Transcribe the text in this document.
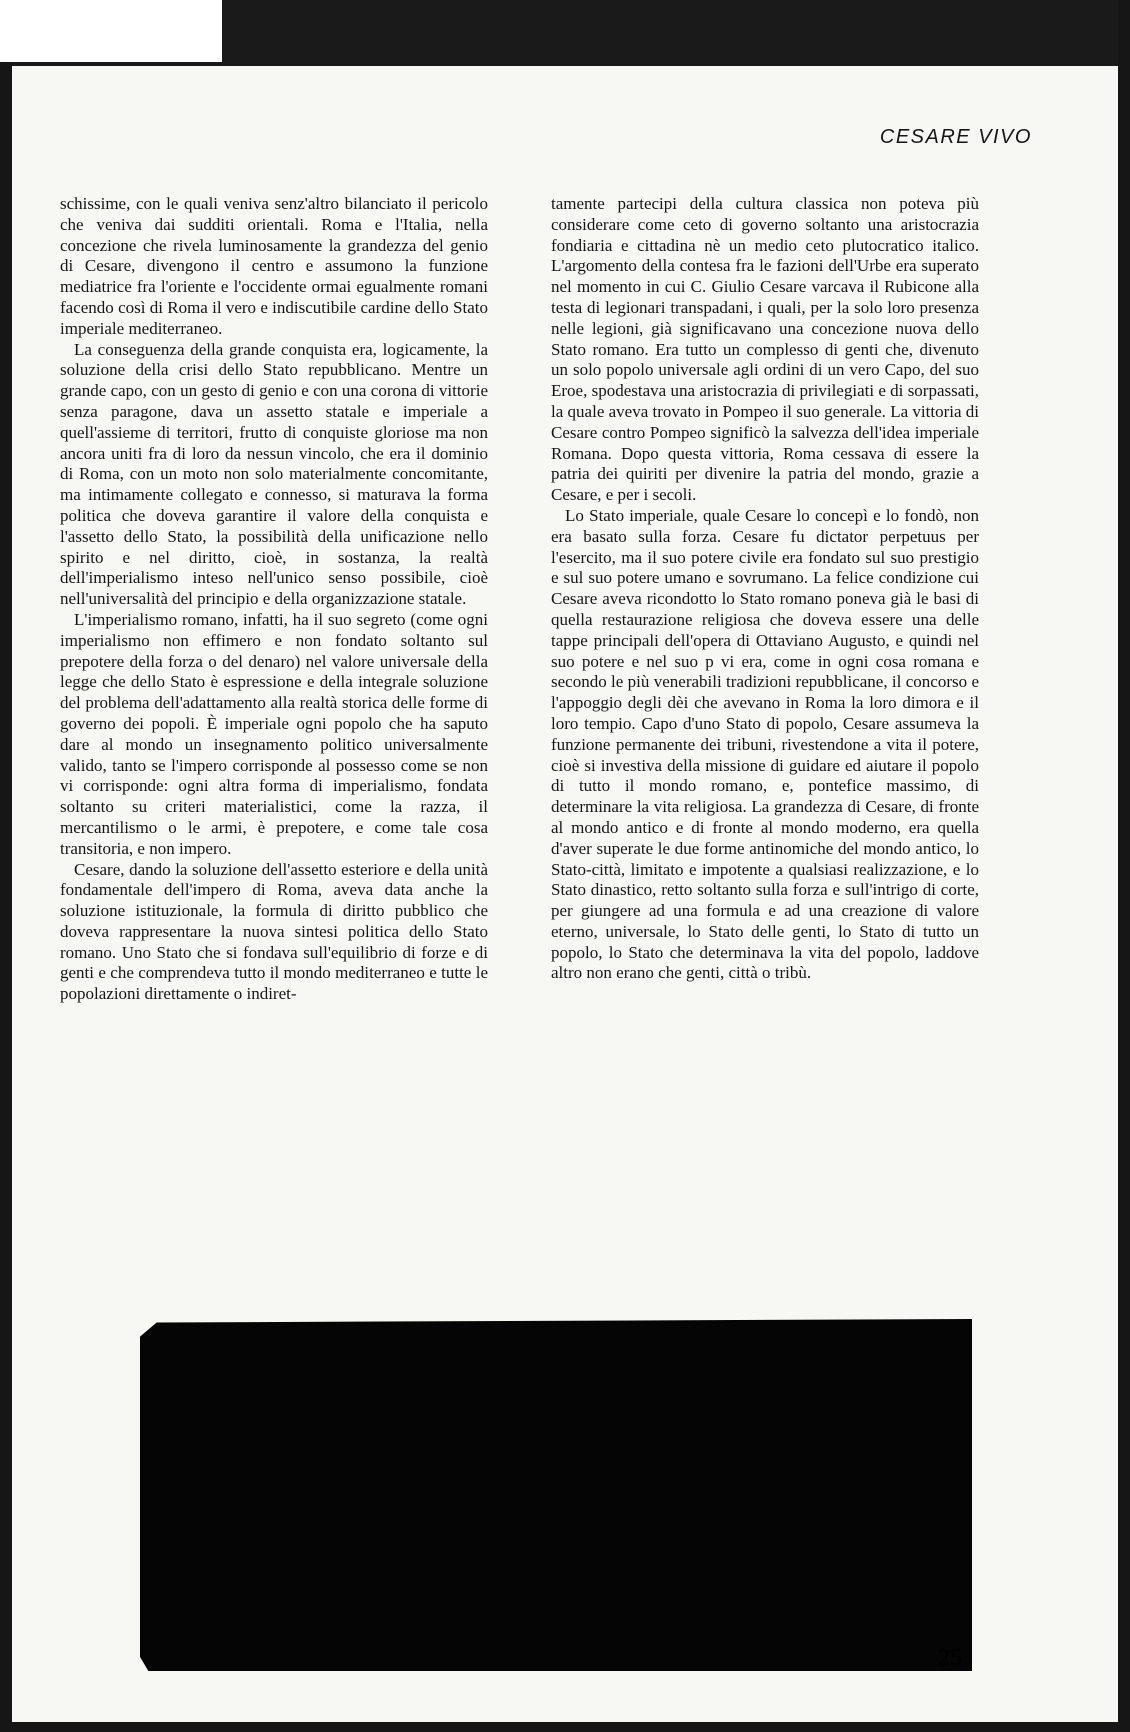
CESARE VIVO

schissime, con le quali veniva senz'altro bilanciato il pericolo che veniva dai sudditi orientali. Roma e l'Italia, nella concezione che rivela luminosamente la grandezza del genio di Cesare, divengono il centro e assumono la funzione mediatrice fra l'oriente e l'occidente ormai egualmente romani facendo così di Roma il vero e indiscutibile cardine dello Stato imperiale mediterraneo.

La conseguenza della grande conquista era, logicamente, la soluzione della crisi dello Stato repubblicano. Mentre un grande capo, con un gesto di genio e con una corona di vittorie senza paragone, dava un assetto statale e imperiale a quell'assieme di territori, frutto di conquiste gloriose ma non ancora uniti fra di loro da nessun vincolo, che era il dominio di Roma, con un moto non solo materialmente concomitante, ma intimamente collegato e connesso, si maturava la forma politica che doveva garantire il valore della conquista e l'assetto dello Stato, la possibilità della unificazione nello spirito e nel diritto, cioè, in sostanza, la realtà dell'imperialismo inteso nell'unico senso possibile, cioè nell'universalità del principio e della organizzazione statale.

L'imperialismo romano, infatti, ha il suo segreto (come ogni imperialismo non effimero e non fondato soltanto sul prepotere della forza o del denaro) nel valore universale della legge che dello Stato è espressione e della integrale soluzione del problema dell'adattamento alla realtà storica delle forme di governo dei popoli. È imperiale ogni popolo che ha saputo dare al mondo un insegnamento politico universalmente valido, tanto se l'impero corrisponde al possesso come se non vi corrisponde: ogni altra forma di imperialismo, fondata soltanto su criteri materialistici, come la razza, il mercantilismo o le armi, è prepotere, e come tale cosa transitoria, e non impero.

Cesare, dando la soluzione dell'assetto esteriore e della unità fondamentale dell'impero di Roma, aveva data anche la soluzione istituzionale, la formula di diritto pubblico che doveva rappresentare la nuova sintesi politica dello Stato romano. Uno Stato che si fondava sull'equilibrio di forze e di genti e che comprendeva tutto il mondo mediterraneo e tutte le popolazioni direttamente o indiret-

tamente partecipi della cultura classica non poteva più considerare come ceto di governo soltanto una aristocrazia fondiaria e cittadina nè un medio ceto plutocratico italico. L'argomento della contesa fra le fazioni dell'Urbe era superato nel momento in cui C. Giulio Cesare varcava il Rubicone alla testa di legionari transpadani, i quali, per la solo loro presenza nelle legioni, già significavano una concezione nuova dello Stato romano. Era tutto un complesso di genti che, divenuto un solo popolo universale agli ordini di un vero Capo, del suo Eroe, spodestava una aristocrazia di privilegiati e di sorpassati, la quale aveva trovato in Pompeo il suo generale. La vittoria di Cesare contro Pompeo significò la salvezza dell'idea imperiale Romana. Dopo questa vittoria, Roma cessava di essere la patria dei quiriti per divenire la patria del mondo, grazie a Cesare, e per i secoli.

Lo Stato imperiale, quale Cesare lo concepì e lo fondò, non era basato sulla forza. Cesare fu dictator perpetuus per l'esercito, ma il suo potere civile era fondato sul suo prestigio e sul suo potere umano e sovrumano. La felice condizione cui Cesare aveva ricondotto lo Stato romano poneva già le basi di quella restaurazione religiosa che doveva essere una delle tappe principali dell'opera di Ottaviano Augusto, e quindi nel suo potere e nel suo p vi era, come in ogni cosa romana e secondo le più venerabili tradizioni repubblicane, il concorso e l'appoggio degli dèi che avevano in Roma la loro dimora e il loro tempio. Capo d'uno Stato di popolo, Cesare assumeva la funzione permanente dei tribuni, rivestendone a vita il potere, cioè si investiva della missione di guidare ed aiutare il popolo di tutto il mondo romano, e, pontefice massimo, di determinare la vita religiosa. La grandezza di Cesare, di fronte al mondo antico e di fronte al mondo moderno, era quella d'aver superate le due forme antinomiche del mondo antico, lo Stato-città, limitato e impotente a qualsiasi realizzazione, e lo Stato dinastico, retto soltanto sulla forza e sull'intrigo di corte, per giungere ad una formula e ad una creazione di valore eterno, universale, lo Stato delle genti, lo Stato di tutto un popolo, lo Stato che determinava la vita del popolo, laddove altro non erano che genti, città o tribù.

25
